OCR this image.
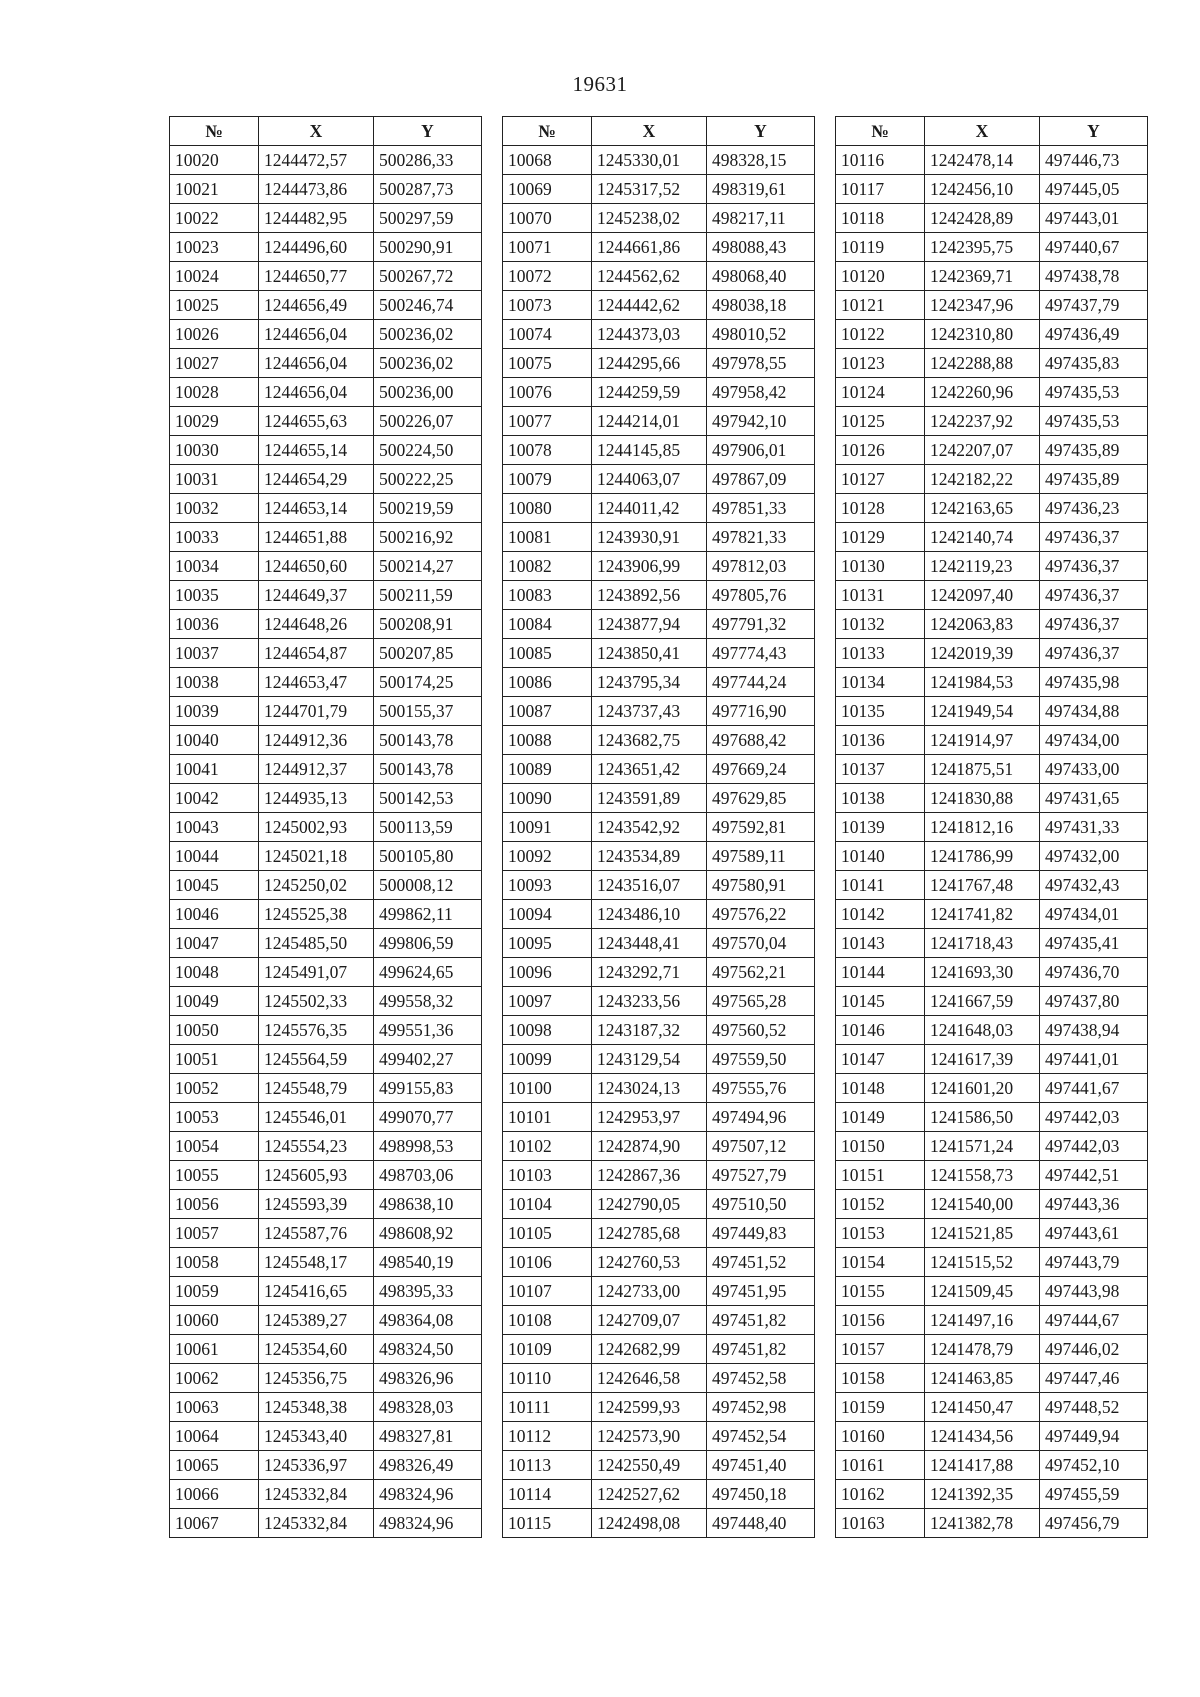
19631
№	X	Y
10020	1244472,57	500286,33
10021	1244473,86	500287,73
10022	1244482,95	500297,59
10023	1244496,60	500290,91
10024	1244650,77	500267,72
10025	1244656,49	500246,74
10026	1244656,04	500236,02
10027	1244656,04	500236,02
10028	1244656,04	500236,00
10029	1244655,63	500226,07
10030	1244655,14	500224,50
10031	1244654,29	500222,25
10032	1244653,14	500219,59
10033	1244651,88	500216,92
10034	1244650,60	500214,27
10035	1244649,37	500211,59
10036	1244648,26	500208,91
10037	1244654,87	500207,85
10038	1244653,47	500174,25
10039	1244701,79	500155,37
10040	1244912,36	500143,78
10041	1244912,37	500143,78
10042	1244935,13	500142,53
10043	1245002,93	500113,59
10044	1245021,18	500105,80
10045	1245250,02	500008,12
10046	1245525,38	499862,11
10047	1245485,50	499806,59
10048	1245491,07	499624,65
10049	1245502,33	499558,32
10050	1245576,35	499551,36
10051	1245564,59	499402,27
10052	1245548,79	499155,83
10053	1245546,01	499070,77
10054	1245554,23	498998,53
10055	1245605,93	498703,06
10056	1245593,39	498638,10
10057	1245587,76	498608,92
10058	1245548,17	498540,19
10059	1245416,65	498395,33
10060	1245389,27	498364,08
10061	1245354,60	498324,50
10062	1245356,75	498326,96
10063	1245348,38	498328,03
10064	1245343,40	498327,81
10065	1245336,97	498326,49
10066	1245332,84	498324,96
10067	1245332,84	498324,96
№	X	Y
10068	1245330,01	498328,15
10069	1245317,52	498319,61
10070	1245238,02	498217,11
10071	1244661,86	498088,43
10072	1244562,62	498068,40
10073	1244442,62	498038,18
10074	1244373,03	498010,52
10075	1244295,66	497978,55
10076	1244259,59	497958,42
10077	1244214,01	497942,10
10078	1244145,85	497906,01
10079	1244063,07	497867,09
10080	1244011,42	497851,33
10081	1243930,91	497821,33
10082	1243906,99	497812,03
10083	1243892,56	497805,76
10084	1243877,94	497791,32
10085	1243850,41	497774,43
10086	1243795,34	497744,24
10087	1243737,43	497716,90
10088	1243682,75	497688,42
10089	1243651,42	497669,24
10090	1243591,89	497629,85
10091	1243542,92	497592,81
10092	1243534,89	497589,11
10093	1243516,07	497580,91
10094	1243486,10	497576,22
10095	1243448,41	497570,04
10096	1243292,71	497562,21
10097	1243233,56	497565,28
10098	1243187,32	497560,52
10099	1243129,54	497559,50
10100	1243024,13	497555,76
10101	1242953,97	497494,96
10102	1242874,90	497507,12
10103	1242867,36	497527,79
10104	1242790,05	497510,50
10105	1242785,68	497449,83
10106	1242760,53	497451,52
10107	1242733,00	497451,95
10108	1242709,07	497451,82
10109	1242682,99	497451,82
10110	1242646,58	497452,58
10111	1242599,93	497452,98
10112	1242573,90	497452,54
10113	1242550,49	497451,40
10114	1242527,62	497450,18
10115	1242498,08	497448,40
№	X	Y
10116	1242478,14	497446,73
10117	1242456,10	497445,05
10118	1242428,89	497443,01
10119	1242395,75	497440,67
10120	1242369,71	497438,78
10121	1242347,96	497437,79
10122	1242310,80	497436,49
10123	1242288,88	497435,83
10124	1242260,96	497435,53
10125	1242237,92	497435,53
10126	1242207,07	497435,89
10127	1242182,22	497435,89
10128	1242163,65	497436,23
10129	1242140,74	497436,37
10130	1242119,23	497436,37
10131	1242097,40	497436,37
10132	1242063,83	497436,37
10133	1242019,39	497436,37
10134	1241984,53	497435,98
10135	1241949,54	497434,88
10136	1241914,97	497434,00
10137	1241875,51	497433,00
10138	1241830,88	497431,65
10139	1241812,16	497431,33
10140	1241786,99	497432,00
10141	1241767,48	497432,43
10142	1241741,82	497434,01
10143	1241718,43	497435,41
10144	1241693,30	497436,70
10145	1241667,59	497437,80
10146	1241648,03	497438,94
10147	1241617,39	497441,01
10148	1241601,20	497441,67
10149	1241586,50	497442,03
10150	1241571,24	497442,03
10151	1241558,73	497442,51
10152	1241540,00	497443,36
10153	1241521,85	497443,61
10154	1241515,52	497443,79
10155	1241509,45	497443,98
10156	1241497,16	497444,67
10157	1241478,79	497446,02
10158	1241463,85	497447,46
10159	1241450,47	497448,52
10160	1241434,56	497449,94
10161	1241417,88	497452,10
10162	1241392,35	497455,59
10163	1241382,78	497456,79
